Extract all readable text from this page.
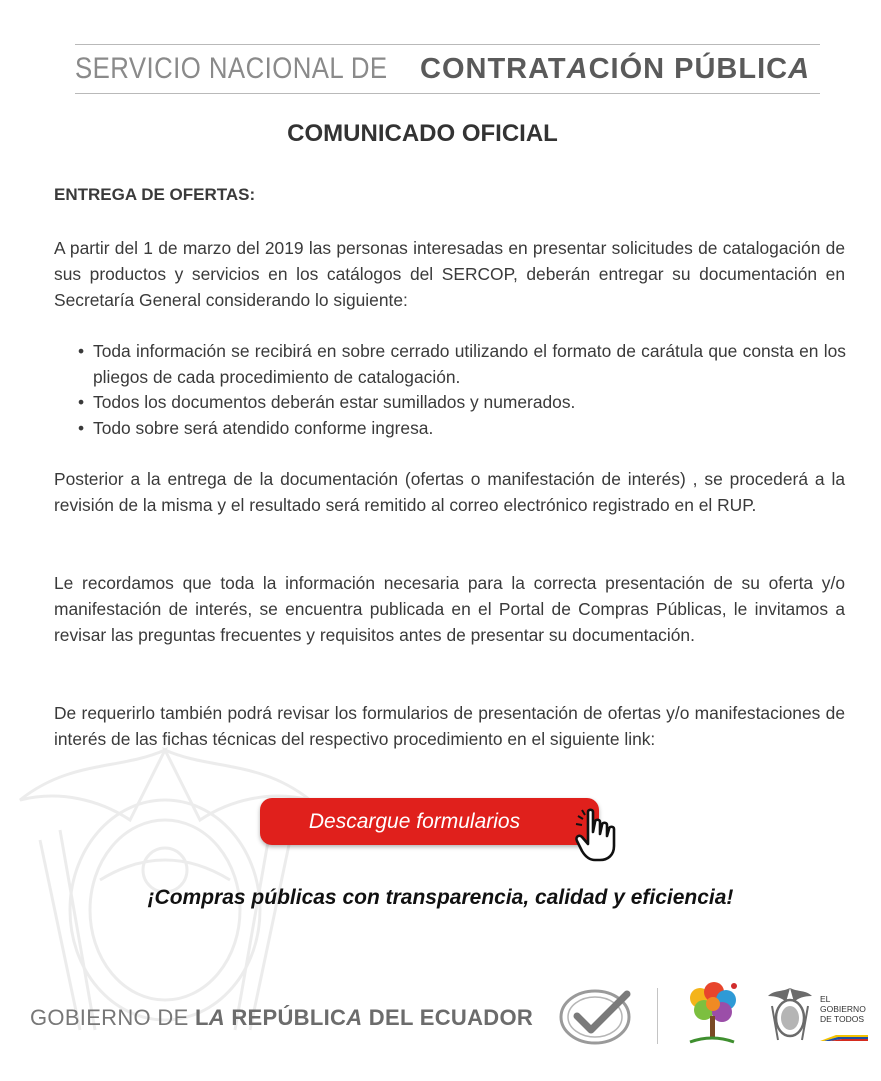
SERVICIO NACIONAL DE CONTRATACIÓN PÚBLICA
COMUNICADO OFICIAL
ENTREGA DE OFERTAS:

A partir del 1 de marzo del 2019 las personas interesadas en presentar solicitudes de catalogación de sus productos y servicios en los catálogos del SERCOP, deberán entregar su documentación en Secretaría General considerando lo siguiente:

• Toda información se recibirá en sobre cerrado utilizando el formato de carátula que consta en los pliegos de cada procedimiento de catalogación.
• Todos los documentos deberán estar sumillados y numerados.
• Todo sobre será atendido conforme ingresa.

Posterior a la entrega de la documentación (ofertas o manifestación de interés) , se procederá a la revisión de la misma y el resultado será remitido al correo electrónico registrado en el RUP.

Le recordamos que toda la información necesaria para la correcta presentación de su oferta y/o manifestación de interés, se encuentra publicada en el Portal de Compras Públicas, le invitamos a revisar las preguntas frecuentes y requisitos antes de presentar su documentación.

De requerirlo también podrá revisar los formularios de presentación de ofertas y/o manifestaciones de interés de las fichas técnicas del respectivo procedimiento en el siguiente link:

Descargue formularios
¡Compras públicas con transparencia, calidad y eficiencia!
GOBIERNO DE LA REPÚBLICA DEL ECUADOR
EL
GOBIERNO
DE TODOS
